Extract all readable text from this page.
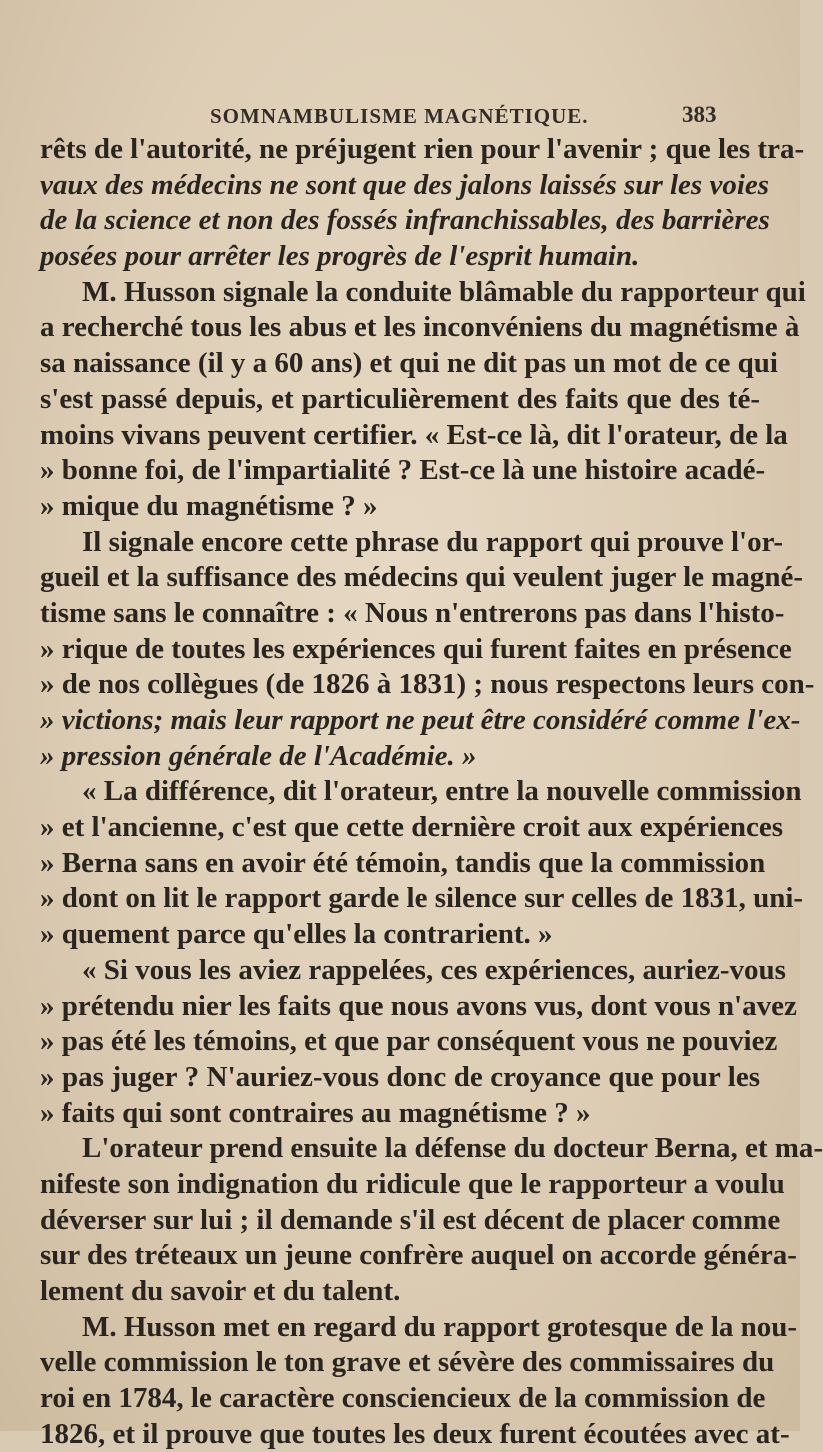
SOMNAMBULISME MAGNÉTIQUE.	383
rêts de l'autorité, ne préjugent rien pour l'avenir ; que les tra-
vaux des médecins ne sont que des jalons laissés sur les voies
de la science et non des fossés infranchissables, des barrières
posées pour arrêter les progrès de l'esprit humain.
M. Husson signale la conduite blâmable du rapporteur qui
a recherché tous les abus et les inconvéniens du magnétisme à
sa naissance (il y a 60 ans) et qui ne dit pas un mot de ce qui
s'est passé depuis, et particulièrement des faits que des té-
moins vivans peuvent certifier. « Est-ce là, dit l'orateur, de la
» bonne foi, de l'impartialité ? Est-ce là une histoire acadé-
» mique du magnétisme ? »
Il signale encore cette phrase du rapport qui prouve l'or-
gueil et la suffisance des médecins qui veulent juger le magné-
tisme sans le connaître : « Nous n'entrerons pas dans l'histo-
» rique de toutes les expériences qui furent faites en présence
» de nos collègues (de 1826 à 1831) ; nous respectons leurs con-
» victions; mais leur rapport ne peut être considéré comme l'ex-
» pression générale de l'Académie. »
« La différence, dit l'orateur, entre la nouvelle commission
» et l'ancienne, c'est que cette dernière croit aux expériences
» Berna sans en avoir été témoin, tandis que la commission
» dont on lit le rapport garde le silence sur celles de 1831, uni-
» quement parce qu'elles la contrarient. »
« Si vous les aviez rappelées, ces expériences, auriez-vous
» prétendu nier les faits que nous avons vus, dont vous n'avez
» pas été les témoins, et que par conséquent vous ne pouviez
» pas juger ? N'auriez-vous donc de croyance que pour les
» faits qui sont contraires au magnétisme ? »
L'orateur prend ensuite la défense du docteur Berna, et ma-
nifeste son indignation du ridicule que le rapporteur a voulu
déverser sur lui ; il demande s'il est décent de placer comme
sur des tréteaux un jeune confrère auquel on accorde généra-
lement du savoir et du talent.
M. Husson met en regard du rapport grotesque de la nou-
velle commission le ton grave et sévère des commissaires du
roi en 1784, le caractère consciencieux de la commission de
1826, et il prouve que toutes les deux furent écoutées avec at-
